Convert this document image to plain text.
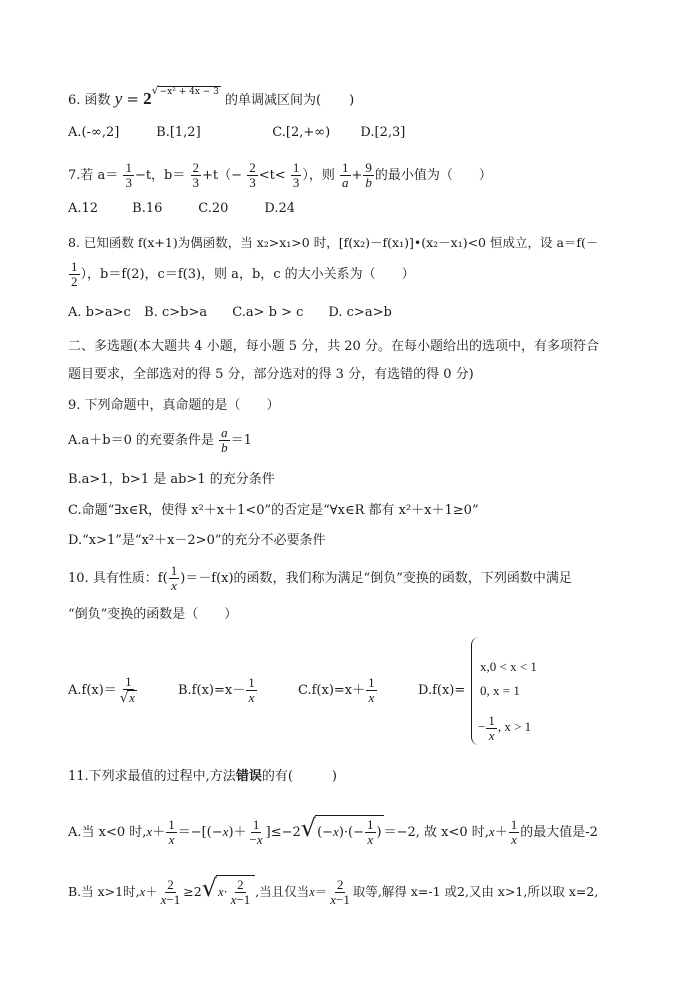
6. 函数 $y = 2^{√-x^2 + 4x - 3}$ 的单调减区间为( )
A.(-∞,2]	B.[1,2]	C.[2,+∞) D.[2,3]
7.若 $a= \frac{1}{3} -t$，$b= \frac{2}{3} +t(- \frac{2}{3} <t< \frac{1}{3}$ ），则 $\frac{1}{a} + \frac{9}{b}$ 的最小值为（　　）
A.12	B.16	C.20	D.24
8. 已知函数 f(x+1)为偶函数，当 x₂>x₁>0 时，[f(x₂)－f(x₁)]•(x₂－x₁)<0 恒成立，设 a＝f(－
$\frac{1}{2}$ ），b＝f(2)，c＝f(3)，则 a，b，c 的大小关系为（　　）
A. b>a>c B. c>b>a C.a> b > c D. c>a>b
二、多选题(本大题共 4 小题，每小题 5 分，共 20 分。在每小题给出的选项中，有多项符合
题目要求，全部选对的得 5 分，部分选对的得 3 分，有选错的得 0 分)
9. 下列命题中，真命题的是（　　）
A.a＋b＝0 的充要条件是 $\frac{a}{b} =1$
B.a>1，b>1 是 ab>1 的充分条件
C.命题“∃x∈R，使得 x²＋x＋1<0”的否定是“∀x∈R 都有 x²＋x＋1≥0”
D.“x>1”是“x²＋x－2>0”的充分不必要条件
10. 具有性质：$f( \frac{1}{x} )=-f(x)$的函数，我们称为满足“倒负”变换的函数，下列函数中满足
“倒负”变换的函数是（　　）
$A.f(x)= \frac{1}{√x}$	$B.f(x)=x- \frac{1}{x}$	$C.f(x)=x+ \frac{1}{x}$	D.f(x)=
x,0 < x < 1
0, x = 1
− $\frac{1}{x}$ , x > 1
11.下列求最值的过程中,方法错误的有(　　　)
A.当 x<0 时$,x+ \frac{1}{x} =-[(-x)+ \frac{1}{-x} ]\le-2√(-x)\cdot(- \frac{1}{x}$ ) ＝−2, 故 x<0 时$,x+ \frac{1}{x}$ 的最大值是-2
B.当 x>1时$,x+ \frac{2}{x-1} \ge 2√x\cdot \frac{2}{x-1}$ ,当且仅当$x= \frac{2}{x-1}$ 取等,解得 x=-1 或2,又由 x>1,所以取 x=2,
